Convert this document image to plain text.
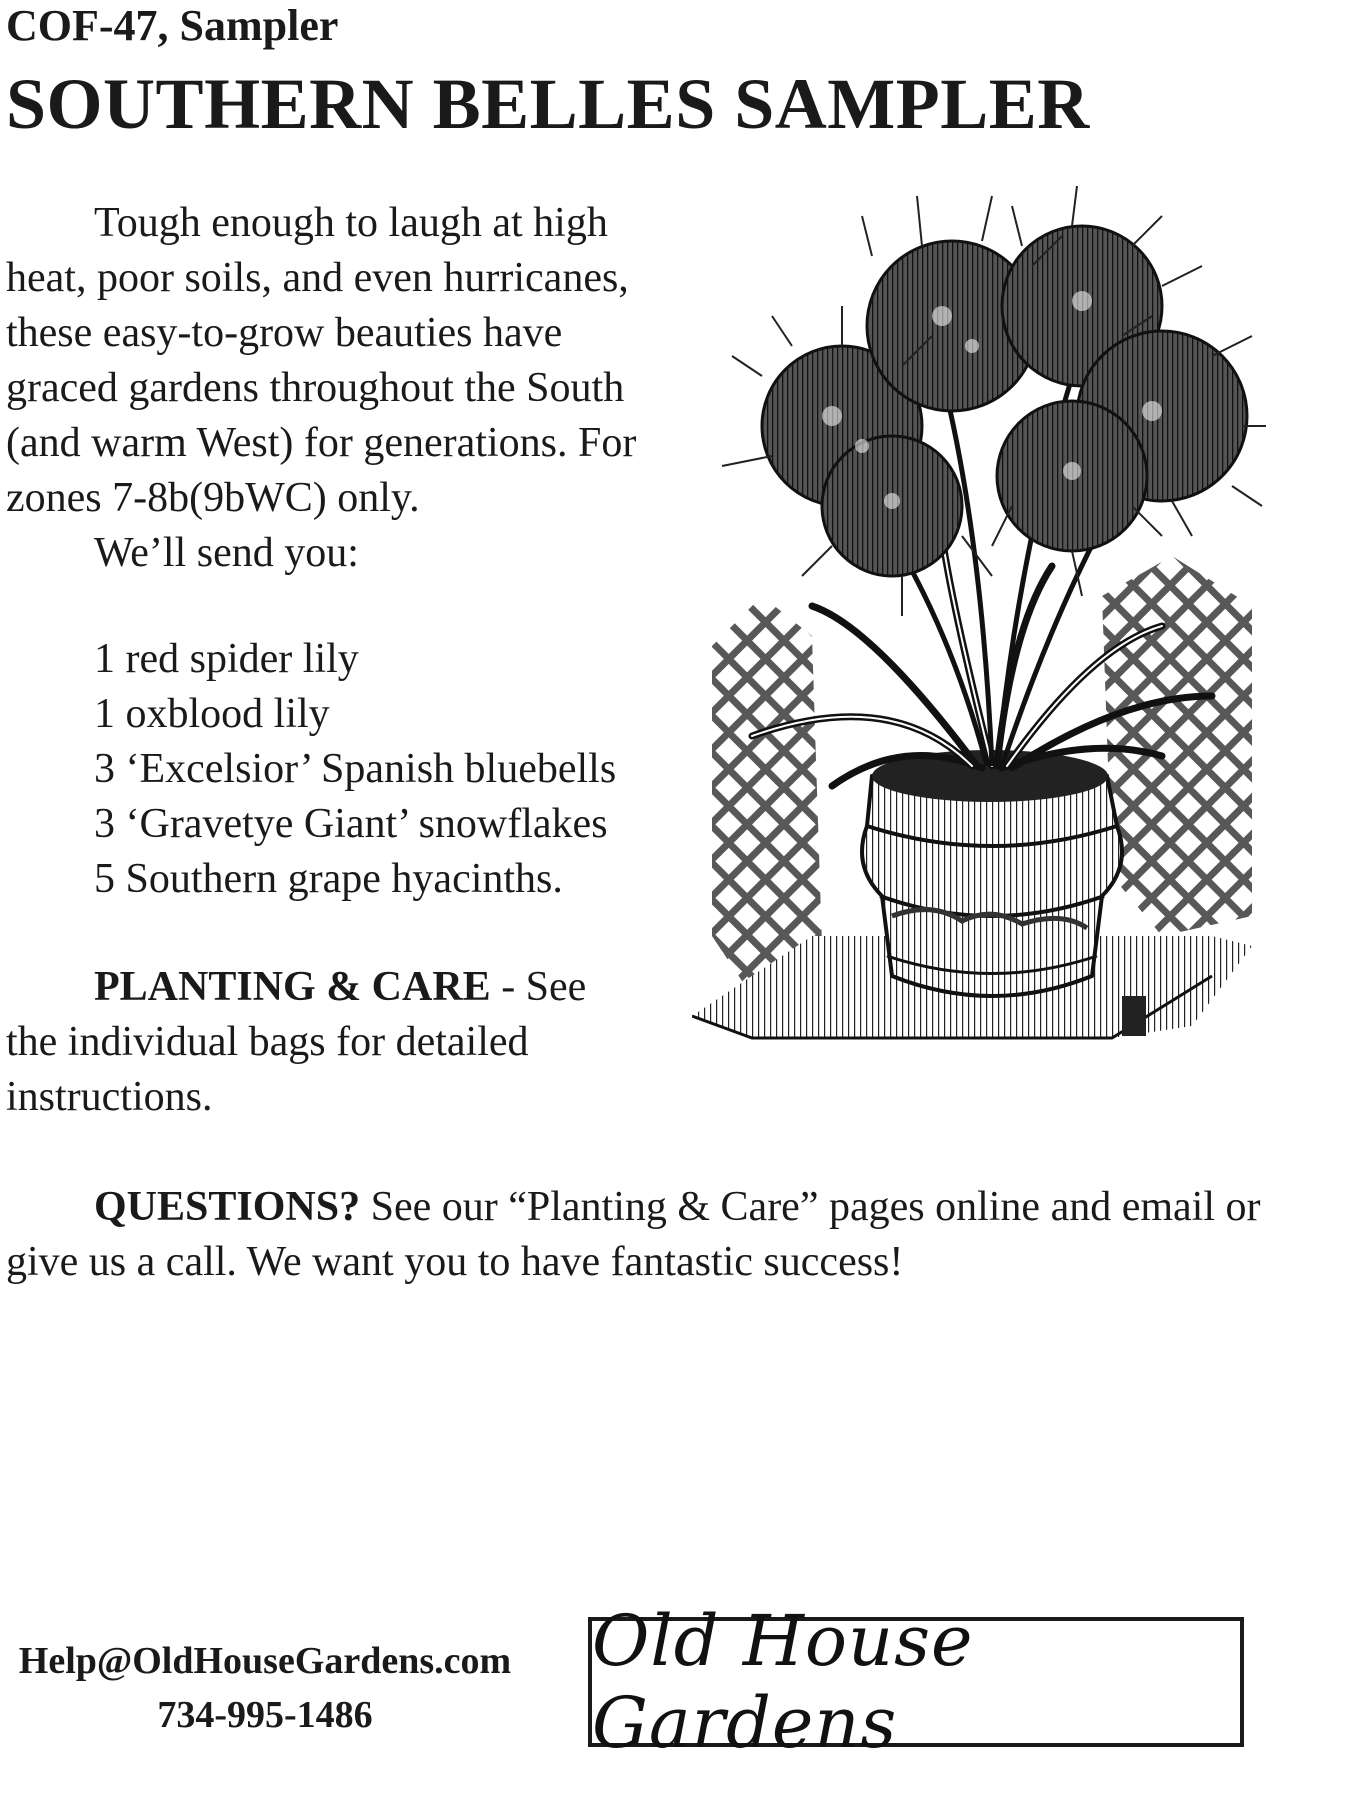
COF-47, Sampler
SOUTHERN BELLES SAMPLER
Tough enough to laugh at high heat, poor soils, and even hurricanes, these easy-to-grow beauties have graced gardens throughout the South (and warm West) for generations. For zones 7-8b(9bWC) only.
We’ll send you:
1 red spider lily
1 oxblood lily
3 ‘Excelsior’ Spanish bluebells
3 ‘Gravetye Giant’ snowflakes
5 Southern grape hyacinths.
PLANTING & CARE - See the individual bags for detailed instructions.
QUESTIONS? See our “Planting & Care” pages online and email or give us a call. We want you to have fantastic success!
Help@OldHouseGardens.com
734-995-1486
Old House Gardens
